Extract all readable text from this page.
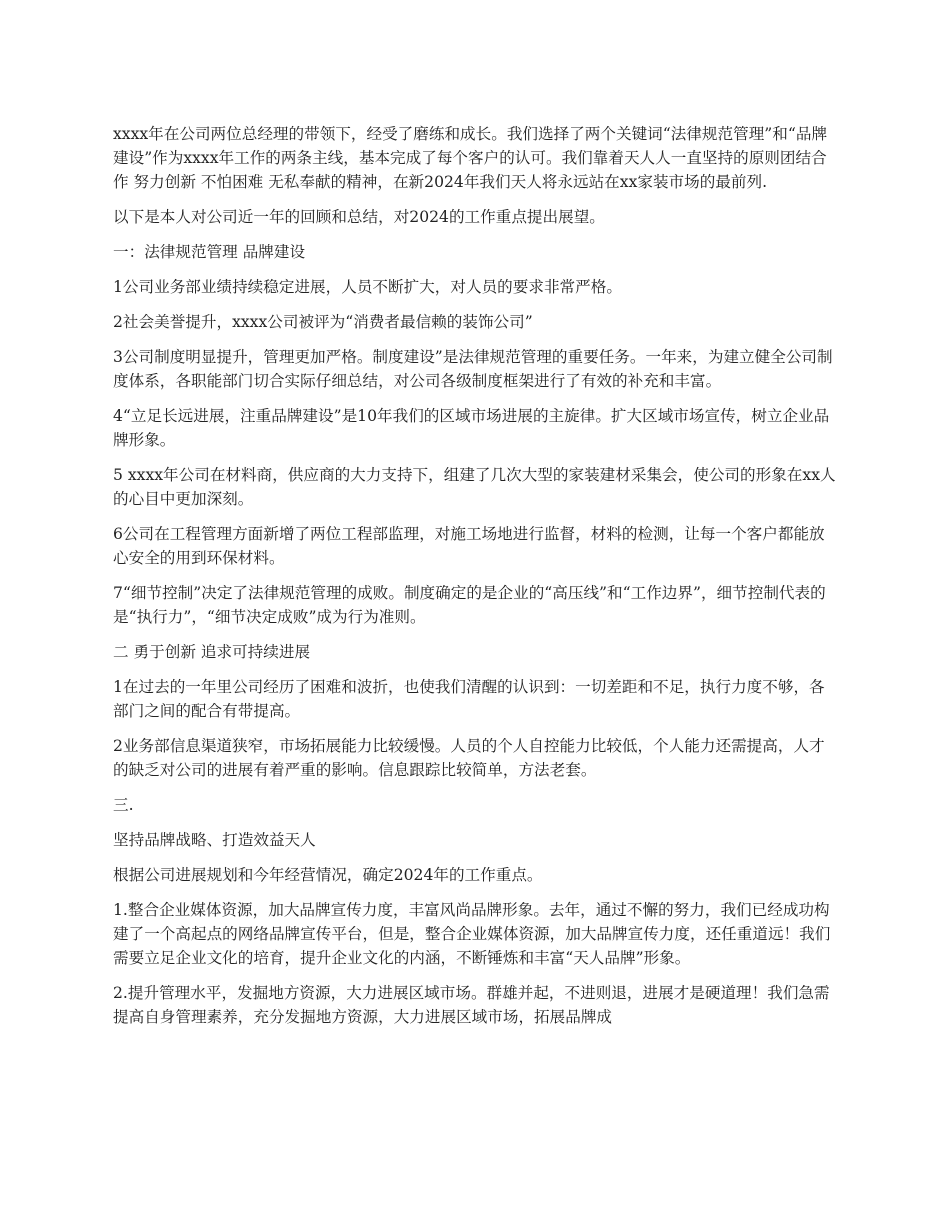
xxxx年在公司两位总经理的带领下，经受了磨练和成长。我们选择了两个关键词“法律规范管理”和“品牌建设”作为xxxx年工作的两条主线，基本完成了每个客户的认可。我们靠着天人人一直坚持的原则团结合作 努力创新 不怕困难 无私奉献的精神，在新2024年我们天人将永远站在xx家装市场的最前列.

以下是本人对公司近一年的回顾和总结，对2024的工作重点提出展望。

一：法律规范管理 品牌建设

1公司业务部业绩持续稳定进展，人员不断扩大，对人员的要求非常严格。

2社会美誉提升，xxxx公司被评为“消费者最信赖的装饰公司”

3公司制度明显提升，管理更加严格。制度建设”是法律规范管理的重要任务。一年来，为建立健全公司制度体系，各职能部门切合实际仔细总结，对公司各级制度框架进行了有效的补充和丰富。

4“立足长远进展，注重品牌建设”是10年我们的区域市场进展的主旋律。扩大区域市场宣传，树立企业品牌形象。

5 xxxx年公司在材料商，供应商的大力支持下，组建了几次大型的家装建材采集会，使公司的形象在xx人的心目中更加深刻。

6公司在工程管理方面新增了两位工程部监理，对施工场地进行监督，材料的检测，让每一个客户都能放心安全的用到环保材料。

7“细节控制”决定了法律规范管理的成败。制度确定的是企业的“高压线”和“工作边界”，细节控制代表的是“执行力”，“细节决定成败”成为行为准则。

二 勇于创新 追求可持续进展

1在过去的一年里公司经历了困难和波折，也使我们清醒的认识到：一切差距和不足，执行力度不够，各部门之间的配合有带提高。

2业务部信息渠道狭窄，市场拓展能力比较缓慢。人员的个人自控能力比较低，个人能力还需提高，人才的缺乏对公司的进展有着严重的影响。信息跟踪比较简单，方法老套。

三.

坚持品牌战略、打造效益天人

根据公司进展规划和今年经营情况，确定2024年的工作重点。

1.整合企业媒体资源，加大品牌宣传力度，丰富风尚品牌形象。去年，通过不懈的努力，我们已经成功构建了一个高起点的网络品牌宣传平台，但是，整合企业媒体资源，加大品牌宣传力度，还任重道远！我们需要立足企业文化的培育，提升企业文化的内涵，不断锤炼和丰富“天人品牌”形象。

2.提升管理水平，发掘地方资源，大力进展区域市场。群雄并起，不进则退，进展才是硬道理！我们急需提高自身管理素养，充分发掘地方资源，大力进展区域市场，拓展品牌成
